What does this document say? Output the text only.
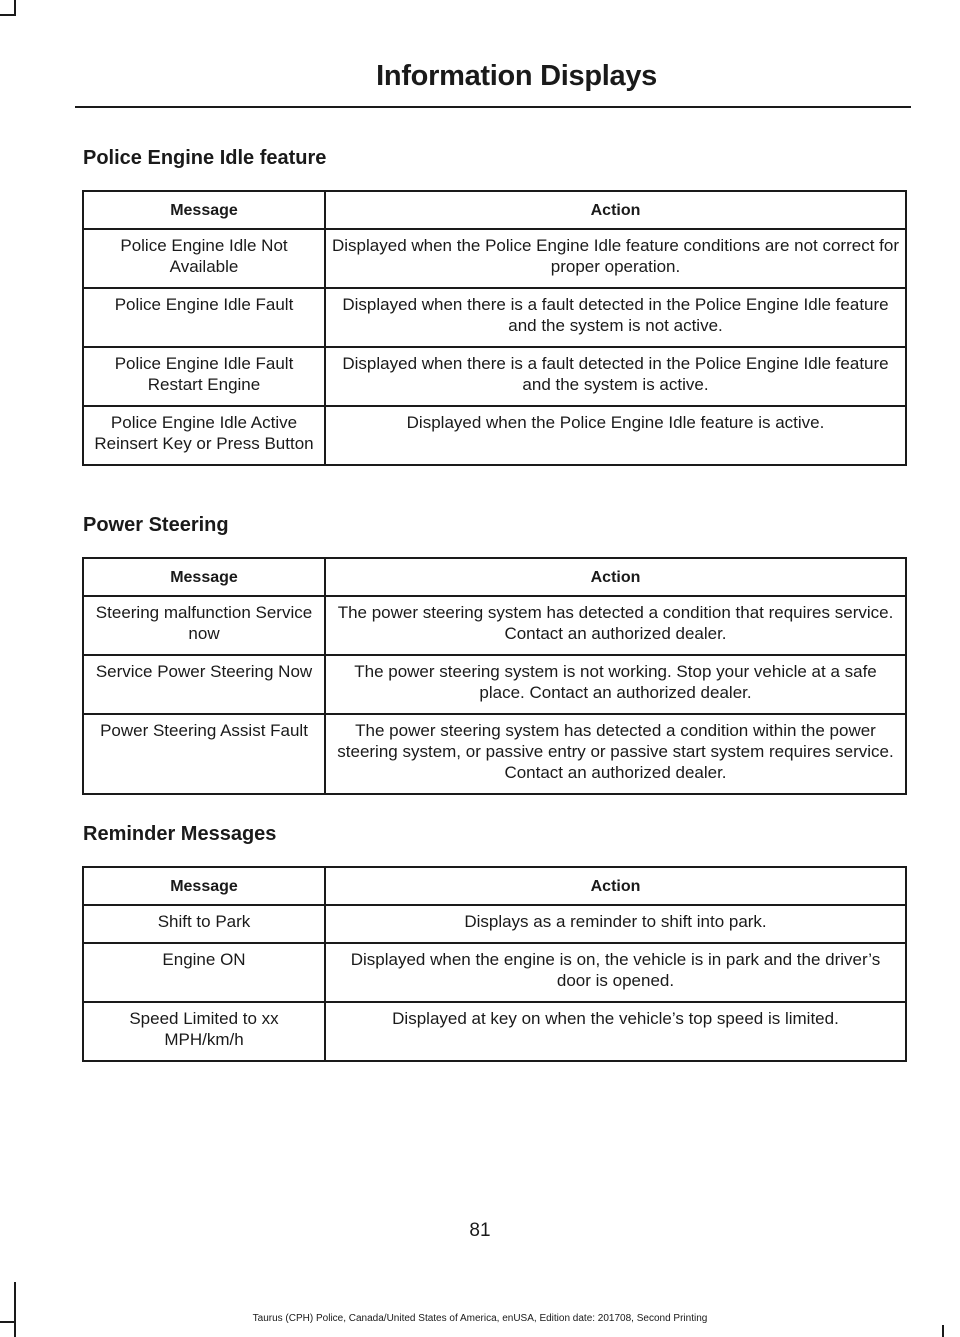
Information Displays
Police Engine Idle feature
Message	Action
Police Engine Idle Not Available	Displayed when the Police Engine Idle feature conditions are not correct for proper operation.
Police Engine Idle Fault	Displayed when there is a fault detected in the Police Engine Idle feature and the system is not active.
Police Engine Idle Fault Restart Engine	Displayed when there is a fault detected in the Police Engine Idle feature and the system is active.
Police Engine Idle Active Reinsert Key or Press Button	Displayed when the Police Engine Idle feature is active.
Power Steering
Message	Action
Steering malfunction Service now	The power steering system has detected a condition that requires service. Contact an authorized dealer.
Service Power Steering Now	The power steering system is not working. Stop your vehicle at a safe place. Contact an authorized dealer.
Power Steering Assist Fault	The power steering system has detected a condition within the power steering system, or passive entry or passive start system requires service. Contact an authorized dealer.
Reminder Messages
Message	Action
Shift to Park	Displays as a reminder to shift into park.
Engine ON	Displayed when the engine is on, the vehicle is in park and the driver’s door is opened.
Speed Limited to xx MPH/km/h	Displayed at key on when the vehicle’s top speed is limited.
81
Taurus (CPH) Police, Canada/United States of America, enUSA, Edition date: 201708, Second Printing
